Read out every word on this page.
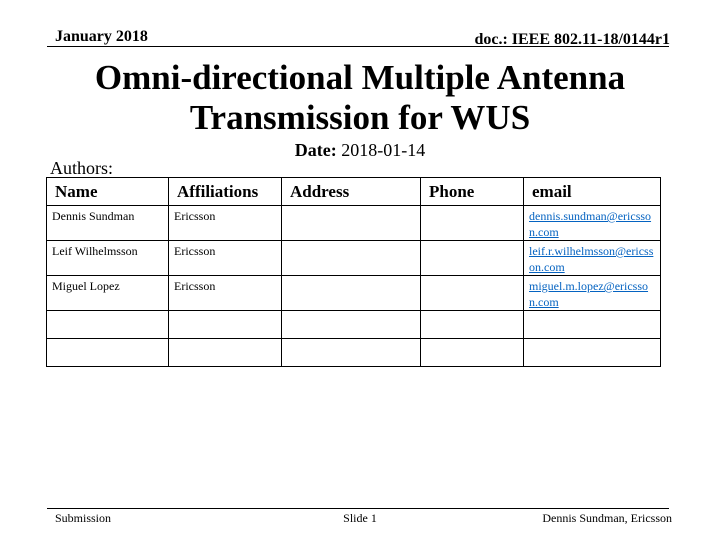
January 2018	doc.: IEEE 802.11-18/0144r1
Omni-directional Multiple Antenna
Transmission for WUS
Date: 2018-01-14
Authors:
Name	Affiliations	Address	Phone	email
Dennis Sundman	Ericsson			dennis.sundman@ericsson.com
Leif Wilhelmsson	Ericsson			leif.r.wilhelmsson@ericsson.com
Miguel Lopez	Ericsson			miguel.m.lopez@ericsson.com

Submission	Slide 1	Dennis Sundman, Ericsson
